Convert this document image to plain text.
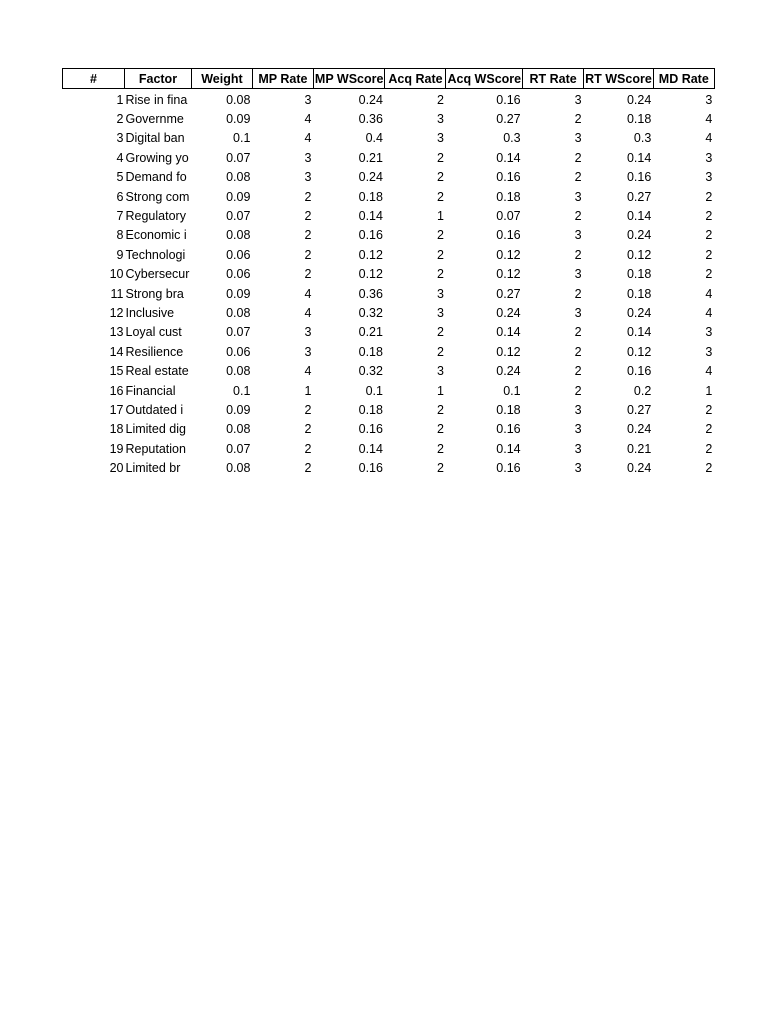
#	Factor	Weight	MP Rate	MP WScore	Acq Rate	Acq WScore	RT Rate	RT WScore	MD Rate
1	Rise in fina	0.08	3	0.24	2	0.16	3	0.24	3
2	Governme	0.09	4	0.36	3	0.27	2	0.18	4
3	Digital ban	0.1	4	0.4	3	0.3	3	0.3	4
4	Growing yo	0.07	3	0.21	2	0.14	2	0.14	3
5	Demand fo	0.08	3	0.24	2	0.16	2	0.16	3
6	Strong com	0.09	2	0.18	2	0.18	3	0.27	2
7	Regulatory	0.07	2	0.14	1	0.07	2	0.14	2
8	Economic i	0.08	2	0.16	2	0.16	3	0.24	2
9	Technologi	0.06	2	0.12	2	0.12	2	0.12	2
10	Cybersecur	0.06	2	0.12	2	0.12	3	0.18	2
11	Strong bra	0.09	4	0.36	3	0.27	2	0.18	4
12	Inclusive	0.08	4	0.32	3	0.24	3	0.24	4
13	Loyal cust	0.07	3	0.21	2	0.14	2	0.14	3
14	Resilience	0.06	3	0.18	2	0.12	2	0.12	3
15	Real estate	0.08	4	0.32	3	0.24	2	0.16	4
16	Financial	0.1	1	0.1	1	0.1	2	0.2	1
17	Outdated i	0.09	2	0.18	2	0.18	3	0.27	2
18	Limited dig	0.08	2	0.16	2	0.16	3	0.24	2
19	Reputation	0.07	2	0.14	2	0.14	3	0.21	2
20	Limited br	0.08	2	0.16	2	0.16	3	0.24	2
